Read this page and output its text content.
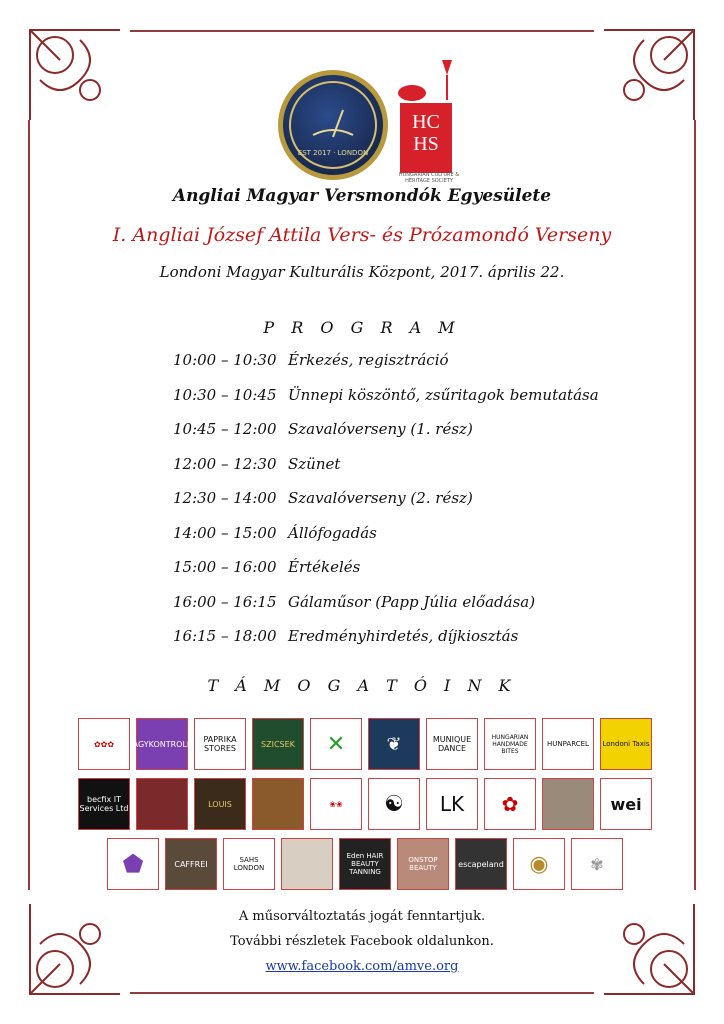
EST 2017 · LONDON
HC HS
HUNGARIAN CULTURE & HERITAGE SOCIETY
Angliai Magyar Versmondók Egyesülete
I. Angliai József Attila Vers- és Prózamondó Verseny
Londoni Magyar Kulturális Központ, 2017. április 22.
P R O G R A M
10:00 – 10:30 Érkezés, regisztráció
10:30 – 10:45 Ünnepi köszöntő, zsűritagok bemutatása
10:45 – 12:00 Szavalóverseny (1. rész)
12:00 – 12:30 Szünet
12:30 – 14:00 Szavalóverseny (2. rész)
14:00 – 15:00 Állófogadás
15:00 – 16:00 Értékelés
16:00 – 16:15 Gálaműsor (Papp Júlia előadása)
16:15 – 18:00 Eredményhirdetés, díjkiosztás
T Á M O G A T Ó I N K
✿✿✿	AGYKONTROLL	PAPRIKA STORES	SZICSEK	✕	❦	MUNIQUE DANCE
HUNGARIAN HANDMADE BITES
HUNPARCEL	Londoni Taxis
becfix IT Services Ltd	LOUIS	❀❀	☯	LK	✿	wei
⬟	CAFFREI	SAHS LONDON
Eden HAIR BEAUTY TANNING
ONSTOP BEAUTY	escapeland	◉	✾
A műsorváltoztatás jogát fenntartjuk.
További részletek Facebook oldalunkon.
www.facebook.com/amve.org
